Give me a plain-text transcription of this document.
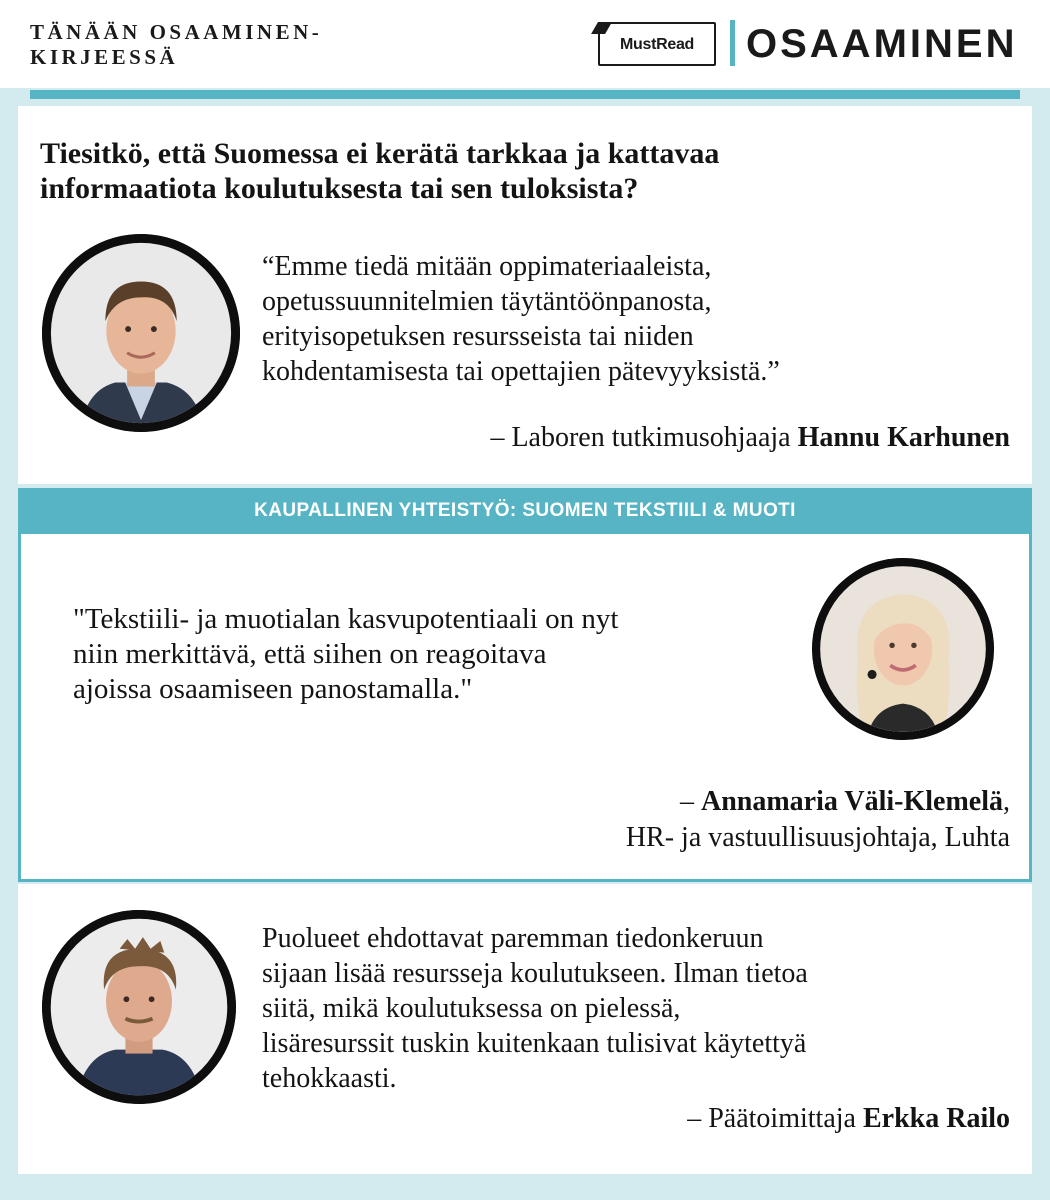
TÄNÄÄN OSAAMINEN-
KIRJEESSÄ
MustRead	OSAAMINEN
Tiesitkö, että Suomessa ei kerätä tarkkaa ja kattavaa
informaatiota koulutuksesta tai sen tuloksista?
“Emme tiedä mitään oppimateriaaleista,
opetussuunnitelmien täytäntöönpanosta,
erityisopetuksen resursseista tai niiden
kohdentamisesta tai opettajien pätevyyksistä.”
– Laboren tutkimusohjaaja Hannu Karhunen
KAUPALLINEN YHTEISTYÖ: SUOMEN TEKSTIILI & MUOTI
"Tekstiili- ja muotialan kasvupotentiaali on nyt
niin merkittävä, että siihen on reagoitava
ajoissa osaamiseen panostamalla."
– Annamaria Väli-Klemelä,
HR- ja vastuullisuusjohtaja, Luhta
Puolueet ehdottavat paremman tiedonkeruun
sijaan lisää resursseja koulutukseen. Ilman tietoa
siitä, mikä koulutuksessa on pielessä,
lisäresurssit tuskin kuitenkaan tulisivat käytettyä
tehokkaasti.
– Päätoimittaja Erkka Railo
